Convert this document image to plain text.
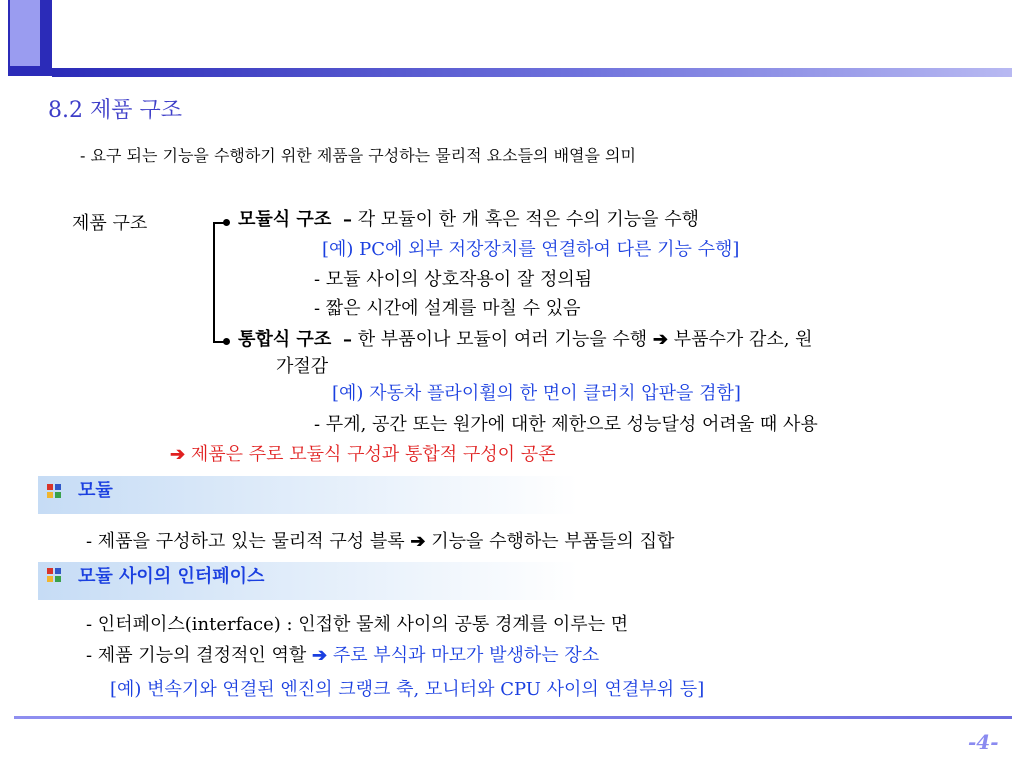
8.2 제품 구조
- 요구 되는 기능을 수행하기 위한 제품을 구성하는 물리적 요소들의 배열을 의미
제품 구조	모듈식 구조 – 각 모듈이 한 개 혹은 적은 수의 기능을 수행
[예) PC에 외부 저장장치를 연결하여 다른 기능 수행]
- 모듈 사이의 상호작용이 잘 정의됨
- 짧은 시간에 설계를 마칠 수 있음
통합식 구조 – 한 부품이나 모듈이 여러 기능을 수행 ➔ 부품수가 감소, 원
가절감
[예) 자동차 플라이휠의 한 면이 클러치 압판을 겸함]
- 무게, 공간 또는 원가에 대한 제한으로 성능달성 어려울 때 사용
➔ 제품은 주로 모듈식 구성과 통합적 구성이 공존
모듈
- 제품을 구성하고 있는 물리적 구성 블록 ➔ 기능을 수행하는 부품들의 집합
모듈 사이의 인터페이스
- 인터페이스(interface) : 인접한 물체 사이의 공통 경계를 이루는 면
- 제품 기능의 결정적인 역할 ➔ 주로 부식과 마모가 발생하는 장소
[예) 변속기와 연결된 엔진의 크랭크 축, 모니터와 CPU 사이의 연결부위 등]
-4-
